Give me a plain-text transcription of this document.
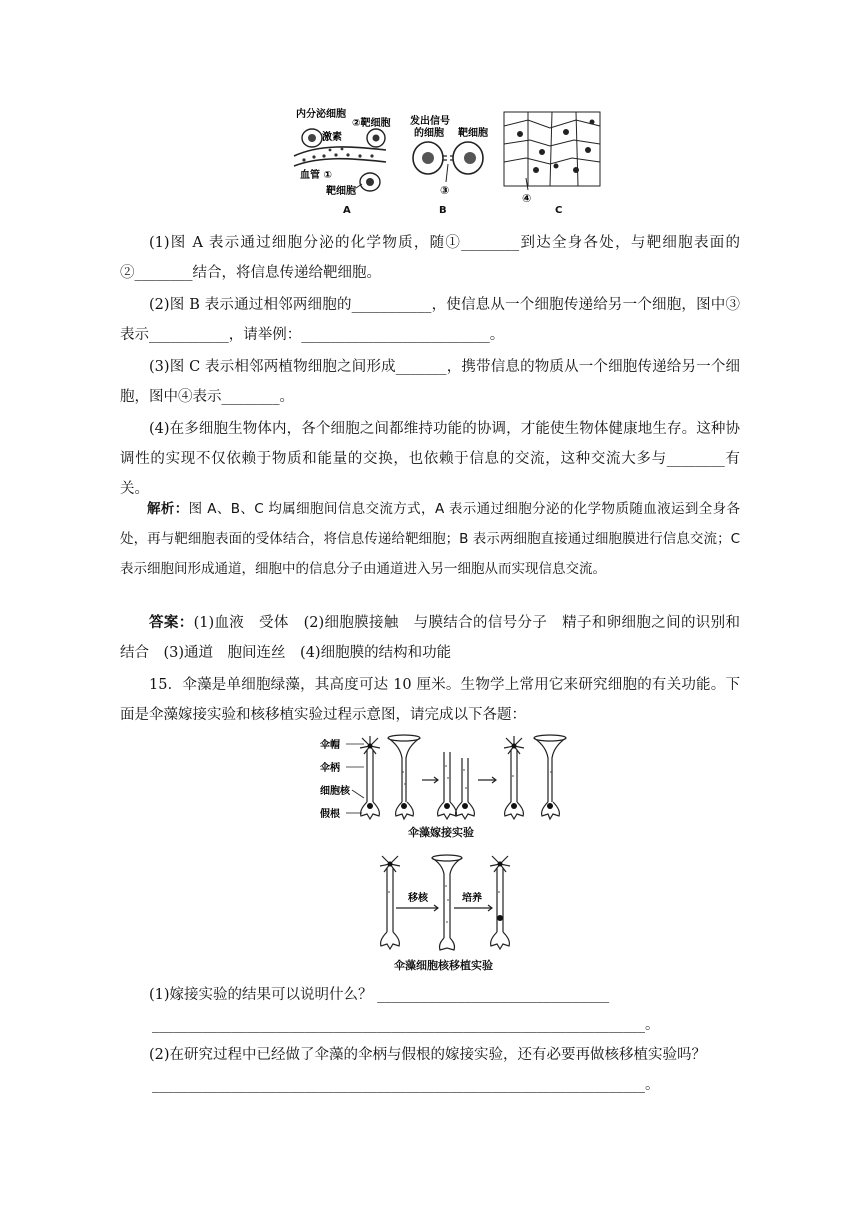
内分泌细胞
激素
②靶细胞
血管 ①
靶细胞
发出信号
的细胞 靶细胞
③
④
A	B	C

(1)图 A 表示通过细胞分泌的化学物质，随①________到达全身各处，与靶细胞表面的②________结合，将信息传递给靶细胞。

(2)图 B 表示通过相邻两细胞的___________，使信息从一个细胞传递给另一个细胞，图中③表示___________，请举例：__________________________。

(3)图 C 表示相邻两植物细胞之间形成_______，携带信息的物质从一个细胞传递给另一个细胞，图中④表示________。

(4)在多细胞生物体内，各个细胞之间都维持功能的协调，才能使生物体健康地生存。这种协调性的实现不仅依赖于物质和能量的交换，也依赖于信息的交流，这种交流大多与________有关。

解析：图 A、B、C 均属细胞间信息交流方式，A 表示通过细胞分泌的化学物质随血液运到全身各处，再与靶细胞表面的受体结合，将信息传递给靶细胞；B 表示两细胞直接通过细胞膜进行信息交流；C 表示细胞间形成通道，细胞中的信息分子由通道进入另一细胞从而实现信息交流。

答案：(1)血液　受体　(2)细胞膜接触　与膜结合的信号分子　精子和卵细胞之间的识别和结合　(3)通道　胞间连丝　(4)细胞膜的结构和功能

15．伞藻是单细胞绿藻，其高度可达 10 厘米。生物学上常用它来研究细胞的有关功能。下面是伞藻嫁接实验和核移植实验过程示意图，请完成以下各题：

伞帽
伞柄
细胞核
假根
伞藻嫁接实验
移核	培养
伞藻细胞核移植实验

(1)嫁接实验的结果可以说明什么？ ________________________________

____________________________________________________________________。

(2)在研究过程中已经做了伞藻的伞柄与假根的嫁接实验，还有必要再做核移植实验吗？

____________________________________________________________________。
